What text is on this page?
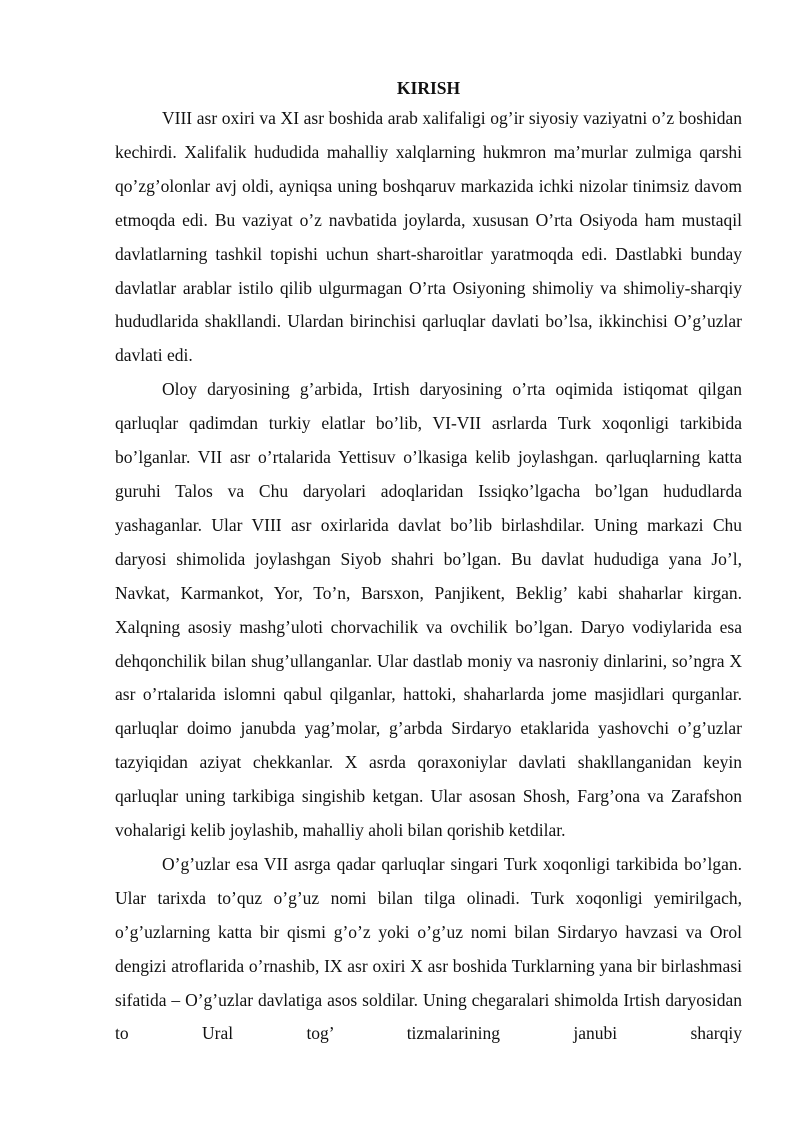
KIRISH

VIII asr oxiri va XI asr boshida arab xalifaligi og’ir siyosiy vaziyatni o’z boshidan kechirdi. Xalifalik hududida mahalliy xalqlarning hukmron ma’murlar zulmiga qarshi qo’zg’olonlar avj oldi, ayniqsa uning boshqaruv markazida ichki nizolar tinimsiz davom etmoqda edi. Bu vaziyat o’z navbatida joylarda, xususan O’rta Osiyoda ham mustaqil davlatlarning tashkil topishi uchun shart-sharoitlar yaratmoqda edi. Dastlabki bunday davlatlar arablar istilo qilib ulgurmagan O’rta Osiyoning shimoliy va shimoliy-sharqiy hududlarida shakllandi. Ulardan birinchisi qarluqlar davlati bo’lsa, ikkinchisi O’g’uzlar davlati edi.

Oloy daryosining g’arbida, Irtish daryosining o’rta oqimida istiqomat qilgan qarluqlar qadimdan turkiy elatlar bo’lib, VI-VII asrlarda Turk xoqonligi tarkibida bo’lganlar. VII asr o’rtalarida Yettisuv o’lkasiga kelib joylashgan. qarluqlarning katta guruhi Talos va Chu daryolari adoqlaridan Issiqko’lgacha bo’lgan hududlarda yashaganlar. Ular VIII asr oxirlarida davlat bo’lib birlashdilar. Uning markazi Chu daryosi shimolida joylashgan Siyob shahri bo’lgan. Bu davlat hududiga yana Jo’l, Navkat, Karmankot, Yor, To’n, Barsxon, Panjikent, Beklig’ kabi shaharlar kirgan. Xalqning asosiy mashg’uloti chorvachilik va ovchilik bo’lgan. Daryo vodiylarida esa dehqonchilik bilan shug’ullanganlar. Ular dastlab moniy va nasroniy dinlarini, so’ngra X asr o’rtalarida islomni qabul qilganlar, hattoki, shaharlarda jome masjidlari qurganlar. qarluqlar doimo janubda yag’molar, g’arbda Sirdaryo etaklarida yashovchi o’g’uzlar tazyiqidan aziyat chekkanlar. X asrda qoraxoniylar davlati shakllanganidan keyin qarluqlar uning tarkibiga singishib ketgan. Ular asosan Shosh, Farg’ona va Zarafshon vohalarigi kelib joylashib, mahalliy aholi bilan qorishib ketdilar.

O’g’uzlar esa VII asrga qadar qarluqlar singari Turk xoqonligi tarkibida bo’lgan. Ular tarixda to’quz o’g’uz nomi bilan tilga olinadi. Turk xoqonligi yemirilgach, o’g’uzlarning katta bir qismi g’o’z yoki o’g’uz nomi bilan Sirdaryo havzasi va Orol dengizi atroflarida o’rnashib, IX asr oxiri X asr boshida Turklarning yana bir birlashmasi sifatida – O’g’uzlar davlatiga asos soldilar. Uning chegaralari shimolda Irtish daryosidan to Ural tog’ tizmalarining janubi sharqiy
